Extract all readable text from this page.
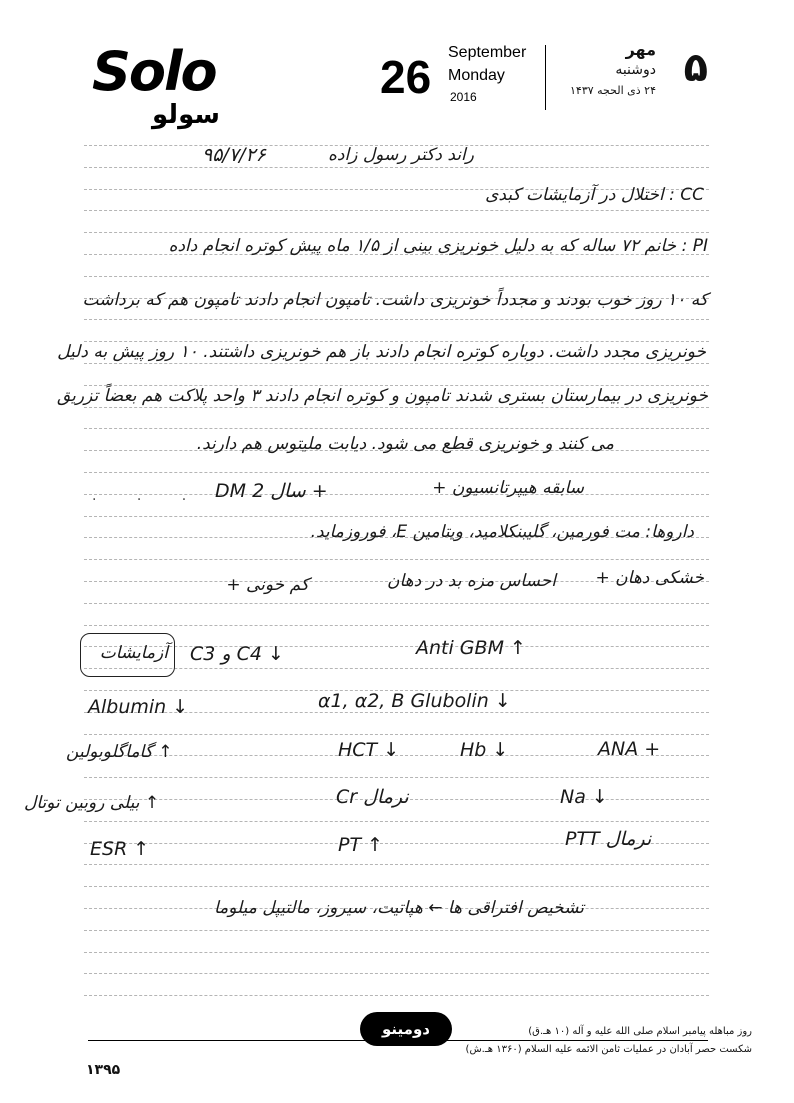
Solo
سولو
26 September
Monday
2016
مهر
دوشنبه
۲۴ ذی الحجه ۱۴۳۷ ۵
۹۵/۷/۲۶	راند دکتر رسول زاده
CC : اختلال در آزمایشات کبدی
PI : خانم ۷۲ ساله که به دلیل خونریزی بینی از ۱/۵ ماه پیش کوتره انجام داده
که ۱۰ روز خوب بودند و مجدداً خونریزی داشت. تامپون انجام دادند تامپون هم که برداشت
خونریزی مجدد داشت. دوباره کوتره انجام دادند باز هم خونریزی داشتند. ۱۰ روز پیش به دلیل
خونریزی در بیمارستان بستری شدند تامپون و کوتره انجام دادند ۳ واحد پلاکت هم بعضاً تزریق
می کنند و خونریزی قطع می شود. دیابت ملیتوس هم دارند.
سابقه هیپرتانسیون +
DM 2 سال +
. . .
داروها: مت فورمین، گلیبنکلامید، ویتامین E، فوروزماید.
خشکی دهان +
احساس مزه بد در دهان
کم خونی +
آزمایشات C3 و C4 ↓	Anti GBM ↑
Albumin ↓	α1, α2, B Glubolin ↓
گاماگلوبولین ↑	HCT ↓	Hb ↓	ANA +
بیلی روبین توتال ↑	Cr نرمال	Na ↓
ESR ↑	PT ↑	PTT نرمال
تشخیص افتراقی ها ← هپاتیت، سیروز، مالتیپل میلوما
روز مباهله پیامبر اسلام صلی الله علیه و آله (۱۰ هـ.ق)
دومینو
شکست حصر آبادان در عملیات ثامن الائمه علیه السلام (۱۳۶۰ هـ.ش)
۱۳۹۵
